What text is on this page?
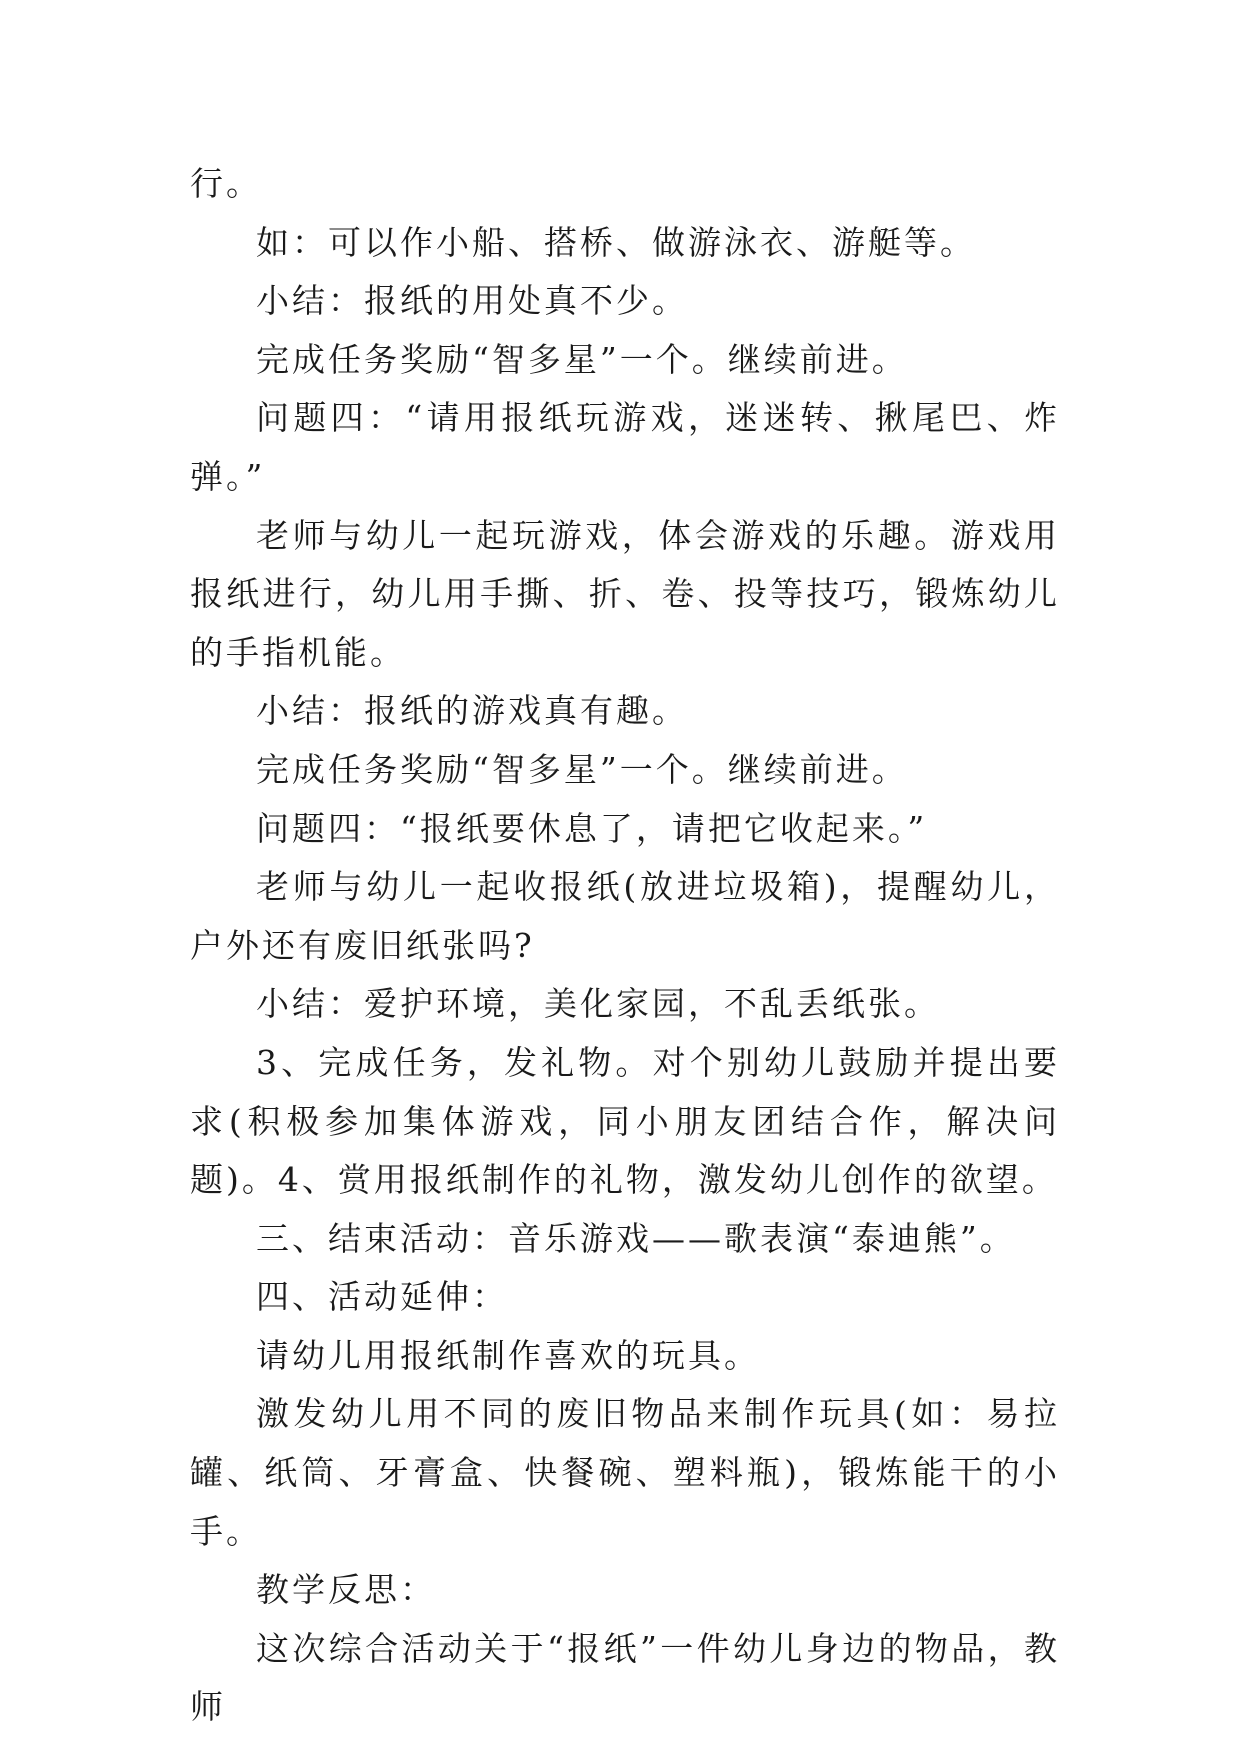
行。

如：可以作小船、搭桥、做游泳衣、游艇等。

小结：报纸的用处真不少。

完成任务奖励“智多星”一个。继续前进。

问题四：“请用报纸玩游戏，迷迷转、揪尾巴、炸弹。”

老师与幼儿一起玩游戏，体会游戏的乐趣。游戏用报纸进行，幼儿用手撕、折、卷、投等技巧，锻炼幼儿的手指机能。

小结：报纸的游戏真有趣。

完成任务奖励“智多星”一个。继续前进。

问题四：“报纸要休息了，请把它收起来。”

老师与幼儿一起收报纸(放进垃圾箱)，提醒幼儿，户外还有废旧纸张吗?

小结：爱护环境，美化家园，不乱丢纸张。

3、完成任务，发礼物。对个别幼儿鼓励并提出要求(积极参加集体游戏，同小朋友团结合作，解决问题)。4、赏用报纸制作的礼物，激发幼儿创作的欲望。

三、结束活动：音乐游戏——歌表演“泰迪熊”。

四、活动延伸：

请幼儿用报纸制作喜欢的玩具。

激发幼儿用不同的废旧物品来制作玩具(如：易拉罐、纸筒、牙膏盒、快餐碗、塑料瓶)，锻炼能干的小手。

教学反思：

这次综合活动关于“报纸”一件幼儿身边的物品，教师
